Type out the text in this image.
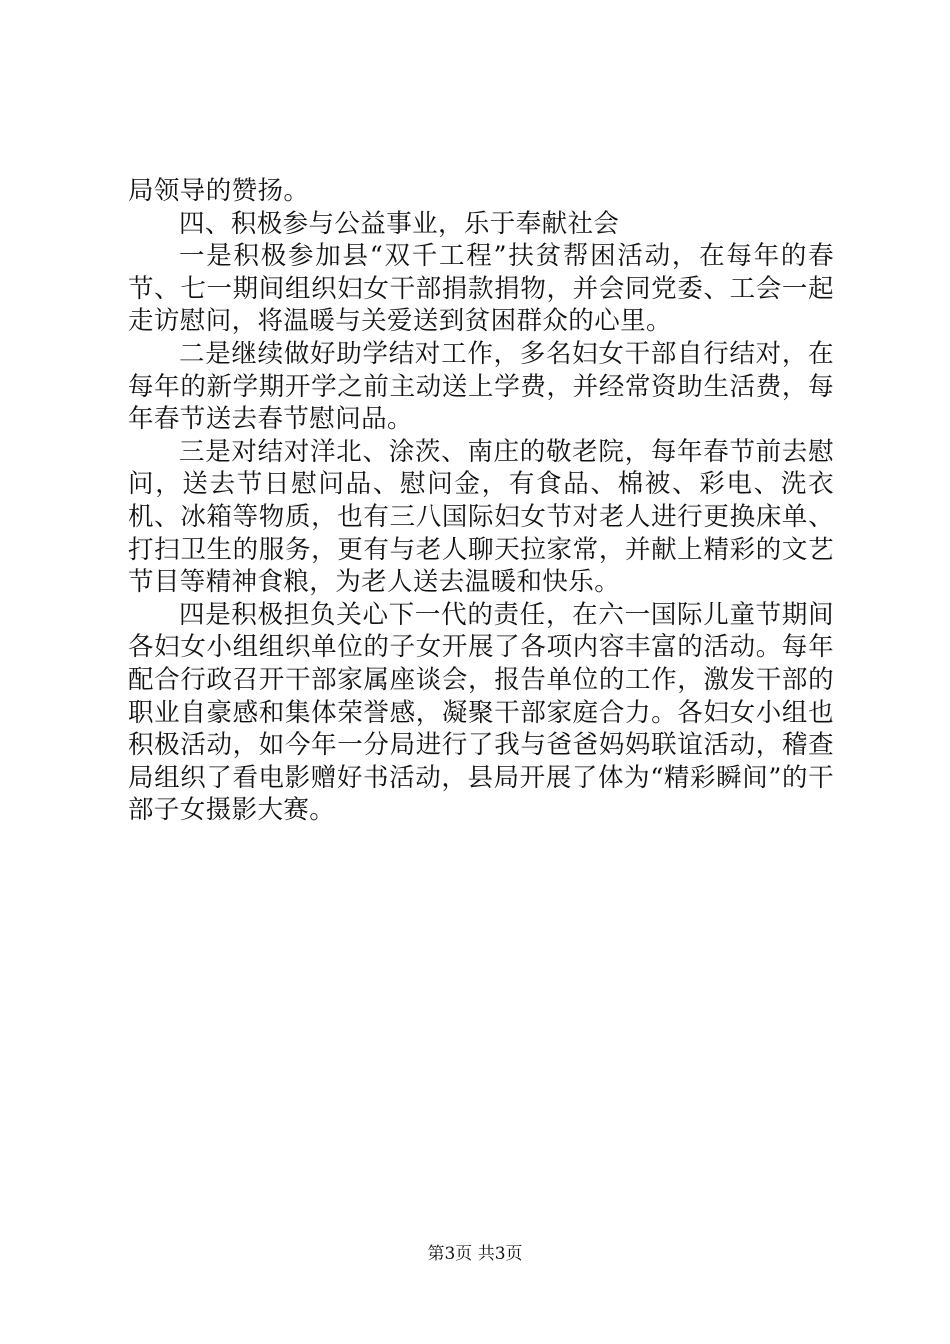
局领导的赞扬。

四、积极参与公益事业，乐于奉献社会

一是积极参加县“双千工程”扶贫帮困活动，在每年的春节、七一期间组织妇女干部捐款捐物，并会同党委、工会一起走访慰问，将温暖与关爱送到贫困群众的心里。

二是继续做好助学结对工作，多名妇女干部自行结对，在每年的新学期开学之前主动送上学费，并经常资助生活费，每年春节送去春节慰问品。

三是对结对洋北、涂茨、南庄的敬老院，每年春节前去慰问，送去节日慰问品、慰问金，有食品、棉被、彩电、洗衣机、冰箱等物质，也有三八国际妇女节对老人进行更换床单、打扫卫生的服务，更有与老人聊天拉家常，并献上精彩的文艺节目等精神食粮，为老人送去温暖和快乐。

四是积极担负关心下一代的责任，在六一国际儿童节期间各妇女小组组织单位的子女开展了各项内容丰富的活动。每年配合行政召开干部家属座谈会，报告单位的工作，激发干部的职业自豪感和集体荣誉感，凝聚干部家庭合力。各妇女小组也积极活动，如今年一分局进行了我与爸爸妈妈联谊活动，稽查局组织了看电影赠好书活动，县局开展了体为“精彩瞬间”的干部子女摄影大赛。

第3页 共3页
